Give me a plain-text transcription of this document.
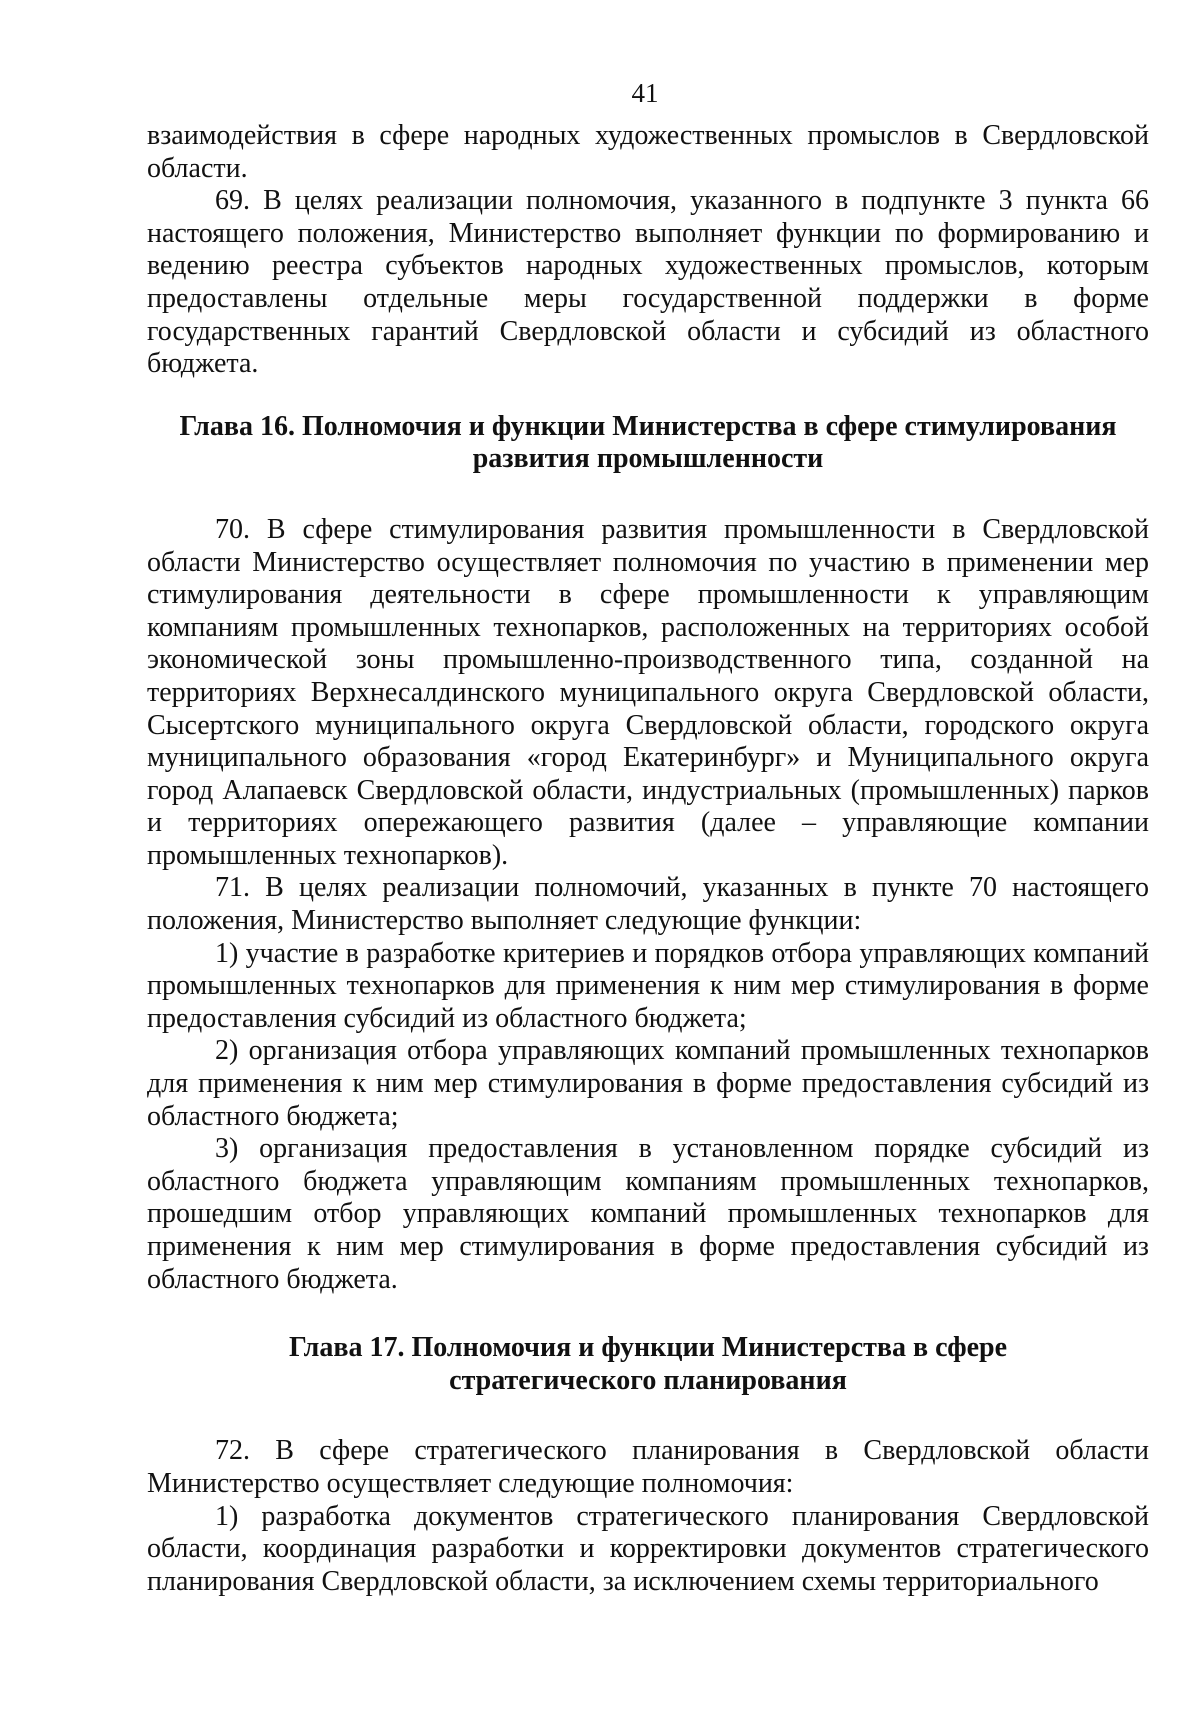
41

взаимодействия в сфере народных художественных промыслов в Свердловской области.

69. В целях реализации полномочия, указанного в подпункте 3 пункта 66 настоящего положения, Министерство выполняет функции по формированию и ведению реестра субъектов народных художественных промыслов, которым предоставлены отдельные меры государственной поддержки в форме государственных гарантий Свердловской области и субсидий из областного бюджета.

Глава 16. Полномочия и функции Министерства в сфере стимулирования
развития промышленности

70. В сфере стимулирования развития промышленности в Свердловской области Министерство осуществляет полномочия по участию в применении мер стимулирования деятельности в сфере промышленности к управляющим компаниям промышленных технопарков, расположенных на территориях особой экономической зоны промышленно-производственного типа, созданной на территориях Верхнесалдинского муниципального округа Свердловской области, Сысертского муниципального округа Свердловской области, городского округа муниципального образования «город Екатеринбург» и Муниципального округа город Алапаевск Свердловской области, индустриальных (промышленных) парков и территориях опережающего развития (далее – управляющие компании промышленных технопарков).

71. В целях реализации полномочий, указанных в пункте 70 настоящего положения, Министерство выполняет следующие функции:

1) участие в разработке критериев и порядков отбора управляющих компаний промышленных технопарков для применения к ним мер стимулирования в форме предоставления субсидий из областного бюджета;

2) организация отбора управляющих компаний промышленных технопарков для применения к ним мер стимулирования в форме предоставления субсидий из областного бюджета;

3) организация предоставления в установленном порядке субсидий из областного бюджета управляющим компаниям промышленных технопарков, прошедшим отбор управляющих компаний промышленных технопарков для применения к ним мер стимулирования в форме предоставления субсидий из областного бюджета.

Глава 17. Полномочия и функции Министерства в сфере
стратегического планирования

72. В сфере стратегического планирования в Свердловской области Министерство осуществляет следующие полномочия:

1) разработка документов стратегического планирования Свердловской области, координация разработки и корректировки документов стратегического планирования Свердловской области, за исключением схемы территориального
